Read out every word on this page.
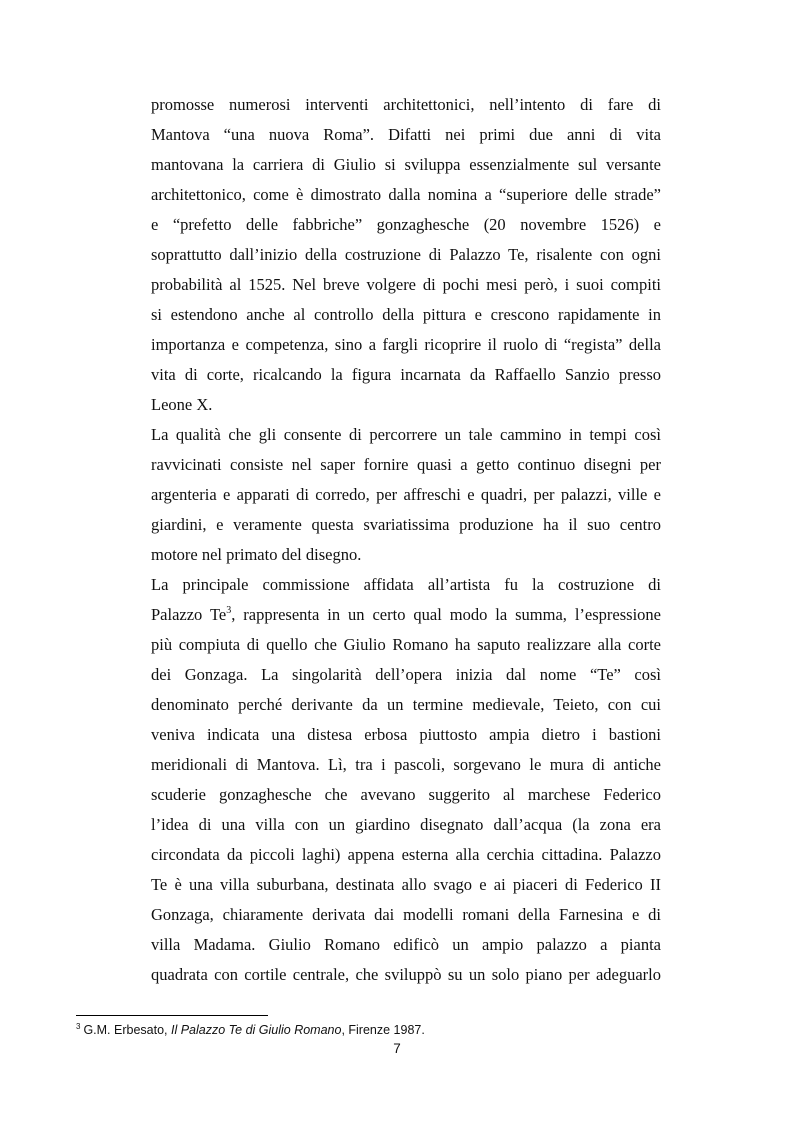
promosse numerosi interventi architettonici, nell’intento di fare di
Mantova “una nuova Roma”. Difatti nei primi due anni di vita
mantovana la carriera di Giulio si sviluppa essenzialmente sul versante
architettonico, come è dimostrato dalla nomina a “superiore delle strade”
e “prefetto delle fabbriche” gonzaghesche (20 novembre 1526) e
soprattutto dall’inizio della costruzione di Palazzo Te, risalente con ogni
probabilità al 1525. Nel breve volgere di pochi mesi però, i suoi compiti
si estendono anche al controllo della pittura e crescono rapidamente in
importanza e competenza, sino a fargli ricoprire il ruolo di “regista” della
vita di corte, ricalcando la figura incarnata da Raffaello Sanzio presso
Leone X.
La qualità che gli consente di percorrere un tale cammino in tempi così
ravvicinati consiste nel saper fornire quasi a getto continuo disegni per
argenteria e apparati di corredo, per affreschi e quadri, per palazzi, ville e
giardini, e veramente questa svariatissima produzione ha il suo centro
motore nel primato del disegno.
La principale commissione affidata all’artista fu la costruzione di
Palazzo Te$^3$, rappresenta in un certo qual modo la summa, l’espressione
più compiuta di quello che Giulio Romano ha saputo realizzare alla corte
dei Gonzaga. La singolarità dell’opera inizia dal nome “Te” così
denominato perché derivante da un termine medievale, Teieto, con cui
veniva indicata una distesa erbosa piuttosto ampia dietro i bastioni
meridionali di Mantova. Lì, tra i pascoli, sorgevano le mura di antiche
scuderie gonzaghesche che avevano suggerito al marchese Federico
l’idea di una villa con un giardino disegnato dall’acqua (la zona era
circondata da piccoli laghi) appena esterna alla cerchia cittadina. Palazzo
Te è una villa suburbana, destinata allo svago e ai piaceri di Federico II
Gonzaga, chiaramente derivata dai modelli romani della Farnesina e di
villa Madama. Giulio Romano edificò un ampio palazzo a pianta
quadrata con cortile centrale, che sviluppò su un solo piano per adeguarlo
$^3$ G.M. Erbesato, Il Palazzo Te di Giulio Romano, Firenze 1987.
7
